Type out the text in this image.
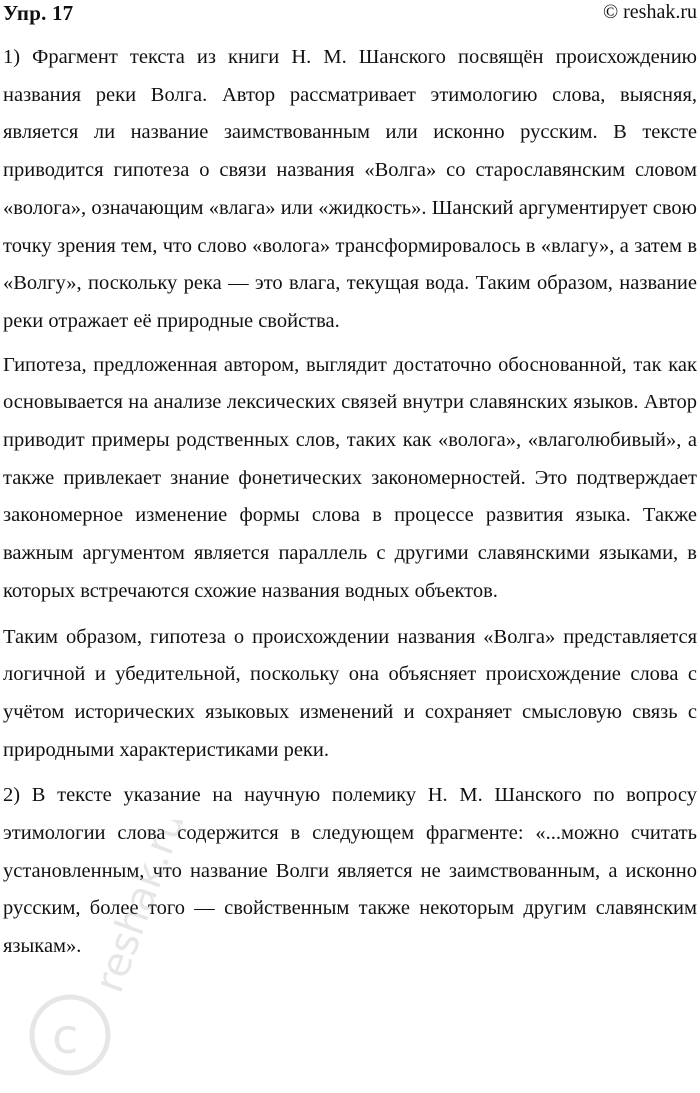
Упр. 17	© reshak.ru

1) Фрагмент текста из книги Н. М. Шанского посвящён происхождению названия реки Волга. Автор рассматривает этимологию слова, выясняя, является ли название заимствованным или исконно русским. В тексте приводится гипотеза о связи названия «Волга» со старославянским словом «вологa», означающим «влага» или «жидкость». Шанский аргументирует свою точку зрения тем, что слово «вологa» трансформировалось в «влагу», а затем в «Волгу», поскольку река — это влага, текущая вода. Таким образом, название реки отражает её природные свойства.

Гипотеза, предложенная автором, выглядит достаточно обоснованной, так как основывается на анализе лексических связей внутри славянских языков. Автор приводит примеры родственных слов, таких как «вологa», «влаголюбивый», а также привлекает знание фонетических закономерностей. Это подтверждает закономерное изменение формы слова в процессе развития языка. Также важным аргументом является параллель с другими славянскими языками, в которых встречаются схожие названия водных объектов.

Таким образом, гипотеза о происхождении названия «Волга» представляется логичной и убедительной, поскольку она объясняет происхождение слова с учётом исторических языковых изменений и сохраняет смысловую связь с природными характеристиками реки.

2) В тексте указание на научную полемику Н. М. Шанского по вопросу этимологии слова содержится в следующем фрагменте: «...можно считать установленным, что название Волги является не заимствованным, а исконно русским, более того — свойственным также некоторым другим славянским языкам».

c
reshak.ru
